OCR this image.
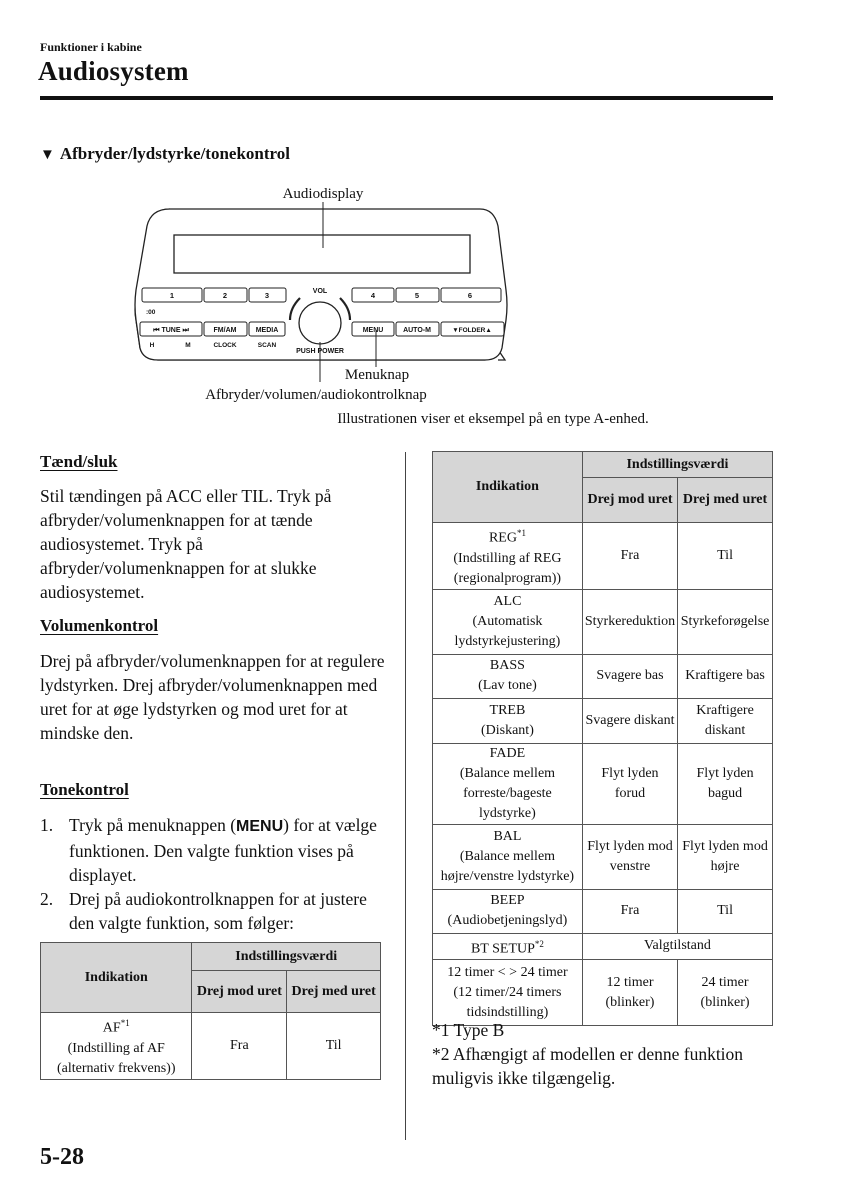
Funktioner i kabine
Audiosystem
▼ Afbryder/lydstyrke/tonekontrol
1	2	3	4	5	6
:00
⏮ TUNE ⏭	FM/AM	MEDIA
H	M	CLOCK	SCAN
MENU	AUTO-M	▼FOLDER▲
VOL
PUSH POWER
Audiodisplay
Menuknap
Afbryder/volumen/audiokontrolknap
Illustrationen viser et eksempel på en type A-enhed.
Tænd/sluk
Stil tændingen på ACC eller TIL. Tryk på afbryder/volumenknappen for at tænde audiosystemet. Tryk på afbryder/volumenknappen for at slukke audiosystemet.
Volumenkontrol
Drej på afbryder/volumenknappen for at regulere lydstyrken. Drej afbryder/volumenknappen med uret for at øge lydstyrken og mod uret for at mindske den.
Tonekontrol
1. Tryk på menuknappen (MENU) for at vælge funktionen. Den valgte funktion vises på displayet.
2. Drej på audiokontrolknappen for at justere den valgte funktion, som følger:
Indikation	Indstillingsværdi	
	Drej mod uret	Drej med uret
AF$^{*1}$
(Indstilling af AF (alternativ frekvens))	Fra	Til
Indikation	Indstillingsværdi	
	Drej mod uret	Drej med uret
REG$^{*1}$
(Indstilling af REG (regionalprogram))	Fra	Til
ALC
(Automatisk lydstyrkejustering)	Styrkereduktion	Styrkeforøgelse
BASS
(Lav tone)	Svagere bas	Kraftigere bas
TREB
(Diskant)	Svagere diskant	Kraftigere diskant
FADE
(Balance mellem forreste/bageste lydstyrke)	Flyt lyden forud	Flyt lyden bagud
BAL
(Balance mellem højre/venstre lydstyrke)	Flyt lyden mod venstre	Flyt lyden mod højre
BEEP
(Audiobetjeningslyd)	Fra	Til
BT SETUP$^{*2}$	Valgtilstand	
12 timer < > 24 timer
(12 timer/24 timers tidsindstilling)	12 timer (blinker)	24 timer (blinker)
*1 Type B
*2 Afhængigt af modellen er denne funktion muligvis ikke tilgængelig.
5-28
